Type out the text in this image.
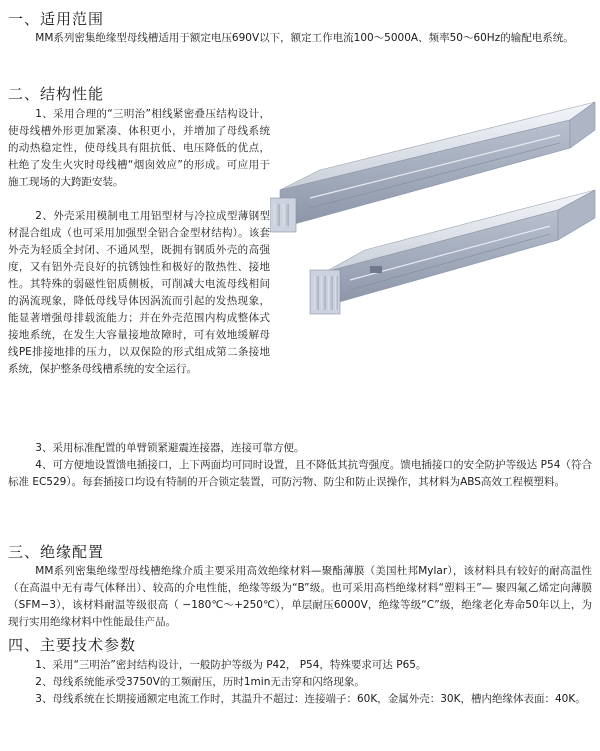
一、适用范围

MM系列密集绝缘型母线槽适用于额定电压690V以下，额定工作电流100～5000A、频率50～60Hz的输配电系统。

二、结构性能

1、采用合理的“三明治”相线紧密叠压结构设计，使母线槽外形更加紧凑、体积更小，并增加了母线系统的动热稳定性，使母线具有阻抗低、电压降低的优点，杜绝了发生火灾时母线槽“烟囱效应”的形成。可应用于施工现场的大跨距安装。

2、外壳采用模制电工用铝型材与冷拉成型薄钢型材混合组成（也可采用加强型全铝合金型材结构）。该套外壳为轻质全封闭、不通风型，既拥有钢质外壳的高强度，又有铝外壳良好的抗锈蚀性和极好的散热性、接地性。其特殊的弱磁性铝质侧板，可削减大电流母线相间的涡流现象，降低母线导体因涡流而引起的发热现象，能显著增强母排载流能力；并在外壳范围内构成整体式接地系统，在发生大容量接地故障时，可有效地缓解母线PE排接地排的压力，以双保险的形式组成第二条接地系统，保护整条母线槽系统的安全运行。

3、采用标准配置的单臂锁紧避震连接器，连接可靠方便。

4、可方便地设置馈电插接口，上下两面均可同时设置，且不降低其抗弯强度。馈电插接口的安全防护等级达 P54（符合标准 EC529）。每套插接口均设有特制的开合锁定装置，可防污物、防尘和防止误操作，其材料为ABS高效工程模塑料。

三、绝缘配置

MM系列密集绝缘型母线槽绝缘介质主要采用高效绝缘材料—聚酯薄膜（美国杜邦Mylar），该材料具有较好的耐高温性（在高温中无有毒气体释出）、较高的介电性能，绝缘等级为“B”级。也可采用高档绝缘材料“塑料王”— 聚四氟乙烯定向薄膜（SFM−3），该材料耐温等级很高（ −180℃～+250℃），单层耐压6000V，绝缘等级“C”级，绝缘老化寿命50年以上，为现行实用绝缘材料中性能最佳产品。

四、主要技术参数

1、采用“三明治”密封结构设计，一般防护等级为 P42， P54，特殊要求可达 P65。

2、母线系统能承受3750V的工频耐压，历时1min无击穿和闪络现象。

3、母线系统在长期接通额定电流工作时，其温升不超过：连接端子：60K，金属外壳：30K，槽内绝缘体表面：40K。
